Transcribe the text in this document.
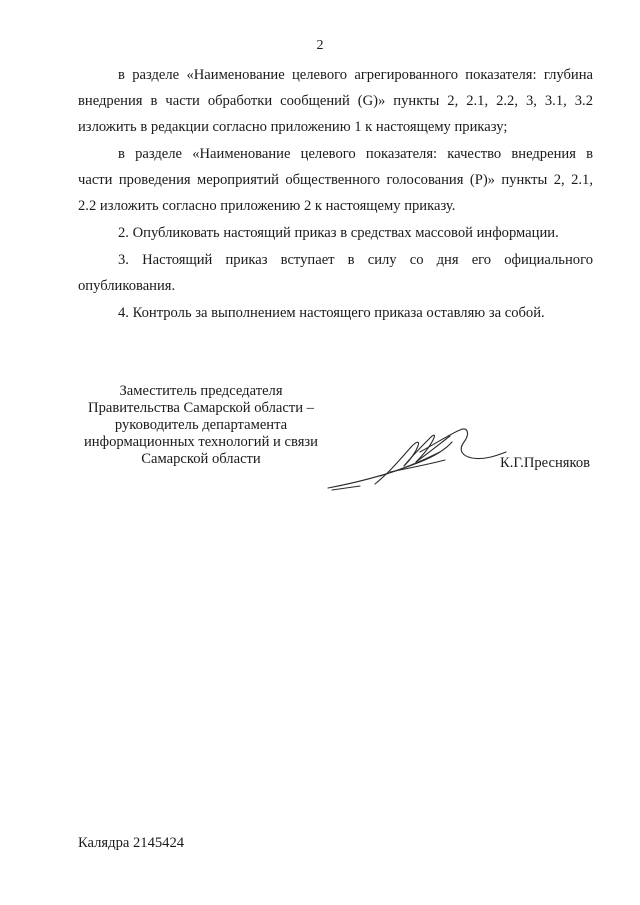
2
в разделе «Наименование целевого агрегированного показателя: глубина
внедрения в части обработки сообщений (G)» пункты 2, 2.1, 2.2, 3, 3.1, 3.2
изложить в редакции согласно приложению 1 к настоящему приказу;
в разделе «Наименование целевого показателя: качество внедрения в
части проведения мероприятий общественного голосования (P)» пункты 2, 2.1,
2.2 изложить согласно приложению 2 к настоящему приказу.
2. Опубликовать настоящий приказ в средствах массовой информации.
3. Настоящий приказ вступает в силу со дня его официального
опубликования.
4. Контроль за выполнением настоящего приказа оставляю за собой.
Заместитель председателя
Правительства Самарской области –
руководитель департамента
информационных технологий и связи
Самарской области	К.Г.Пресняков
Калядра 2145424
